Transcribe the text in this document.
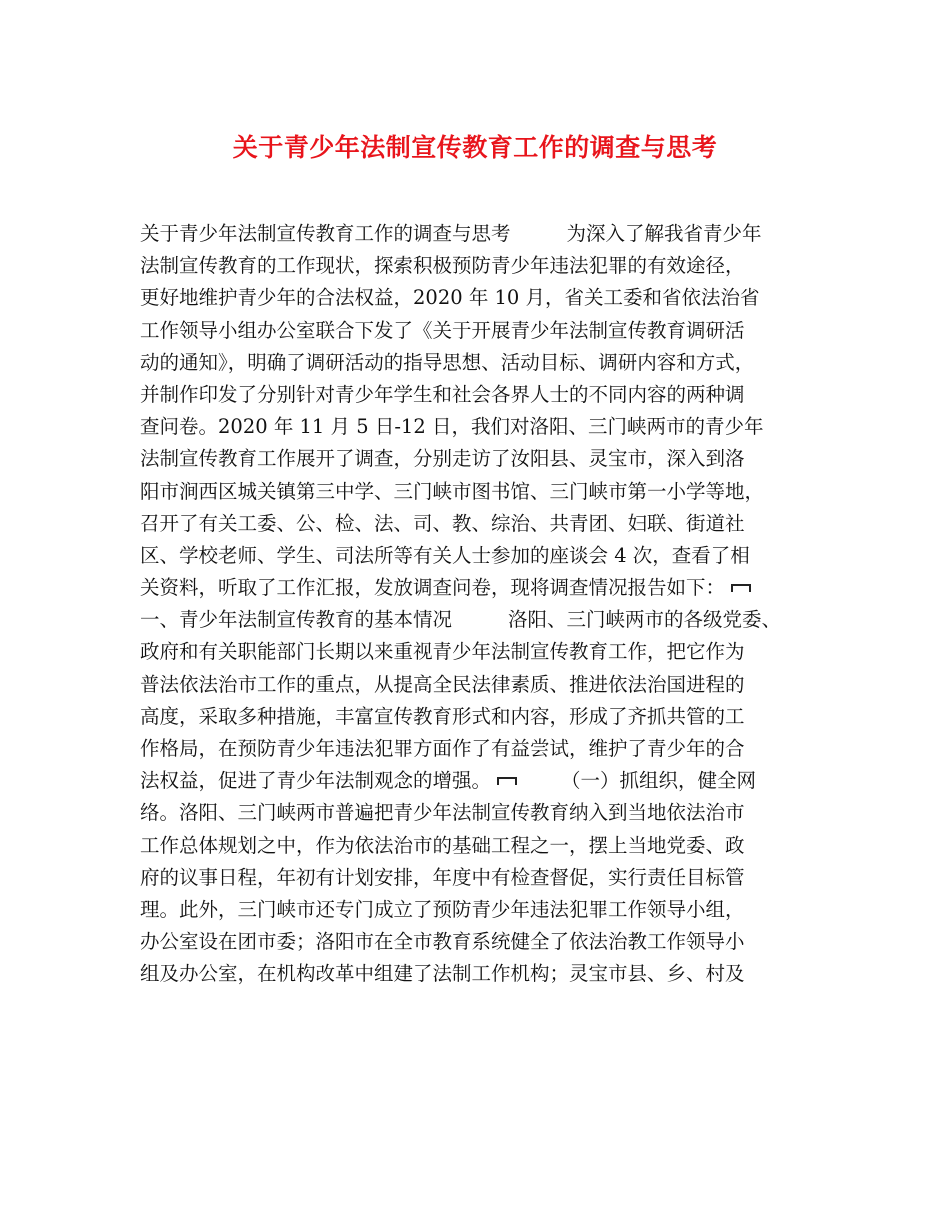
关于青少年法制宣传教育工作的调查与思考
关于青少年法制宣传教育工作的调查与思考	为深入了解我省青少年
法制宣传教育的工作现状，探索积极预防青少年违法犯罪的有效途径，
更好地维护青少年的合法权益，2020 年 10 月，省关工委和省依法治省
工作领导小组办公室联合下发了《关于开展青少年法制宣传教育调研活
动的通知》，明确了调研活动的指导思想、活动目标、调研内容和方式，
并制作印发了分别针对青少年学生和社会各界人士的不同内容的两种调
查问卷。2020 年 11 月 5 日-12 日，我们对洛阳、三门峡两市的青少年
法制宣传教育工作展开了调查，分别走访了汝阳县、灵宝市，深入到洛
阳市涧西区城关镇第三中学、三门峡市图书馆、三门峡市第一小学等地，
召开了有关工委、公、检、法、司、教、综治、共青团、妇联、街道社
区、学校老师、学生、司法所等有关人士参加的座谈会 4 次，查看了相
关资料，听取了工作汇报，发放调查问卷，现将调查情况报告如下：
一、青少年法制宣传教育的基本情况	洛阳、三门峡两市的各级党委、
政府和有关职能部门长期以来重视青少年法制宣传教育工作，把它作为
普法依法治市工作的重点，从提高全民法律素质、推进依法治国进程的
高度，采取多种措施，丰富宣传教育形式和内容，形成了齐抓共管的工
作格局，在预防青少年违法犯罪方面作了有益尝试，维护了青少年的合
法权益，促进了青少年法制观念的增强。	（一）抓组织，健全网
络。洛阳、三门峡两市普遍把青少年法制宣传教育纳入到当地依法治市
工作总体规划之中，作为依法治市的基础工程之一，摆上当地党委、政
府的议事日程，年初有计划安排，年度中有检查督促，实行责任目标管
理。此外，三门峡市还专门成立了预防青少年违法犯罪工作领导小组，
办公室设在团市委；洛阳市在全市教育系统健全了依法治教工作领导小
组及办公室，在机构改革中组建了法制工作机构；灵宝市县、乡、村及
